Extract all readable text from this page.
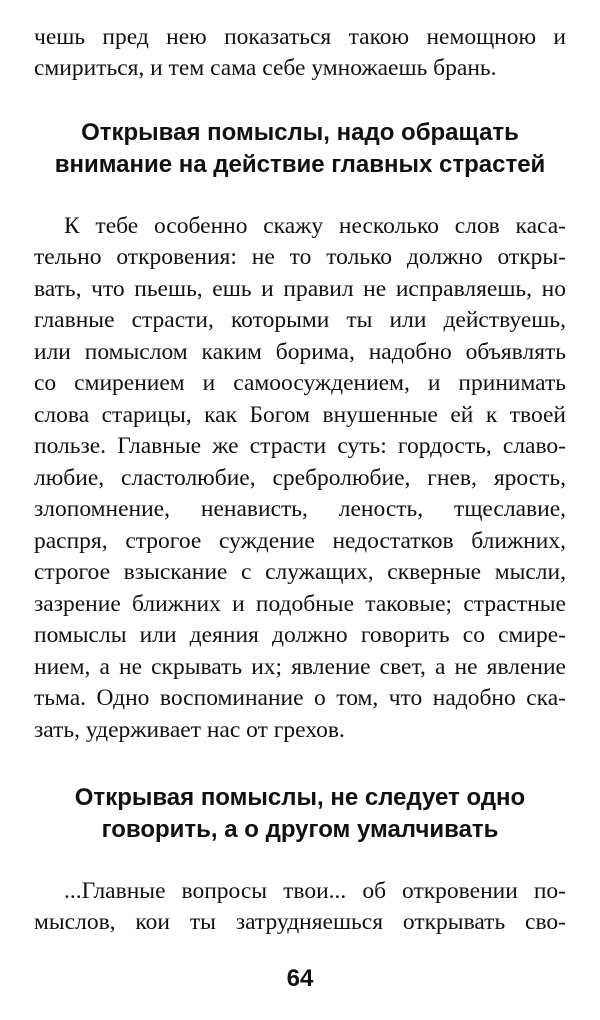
чешь пред нею показаться такою немощною и
смириться, и тем сама себе умножаешь брань.
Открывая помыслы, надо обращать
внимание на действие главных страстей
К тебе особенно скажу несколько слов каса-
тельно откровения: не то только должно откры-
вать, что пьешь, ешь и правил не исправляешь, но
главные страсти, которыми ты или действуешь,
или помыслом каким борима, надобно объявлять
со смирением и самоосуждением, и принимать
слова старицы, как Богом внушенные ей к твоей
пользе. Главные же страсти суть: гордость, славо-
любие, сластолюбие, сребролюбие, гнев, ярость,
злопомнение, ненависть, леность, тщеславие,
распря, строгое суждение недостатков ближних,
строгое взыскание с служащих, скверные мысли,
зазрение ближних и подобные таковые; страстные
помыслы или деяния должно говорить со смире-
нием, а не скрывать их; явление свет, а не явление
тьма. Одно воспоминание о том, что надобно ска-
зать, удерживает нас от грехов.
Открывая помыслы, не следует одно
говорить, а о другом умалчивать
...Главные вопросы твои... об откровении по-
мыслов, кои ты затрудняешься открывать сво-
64
